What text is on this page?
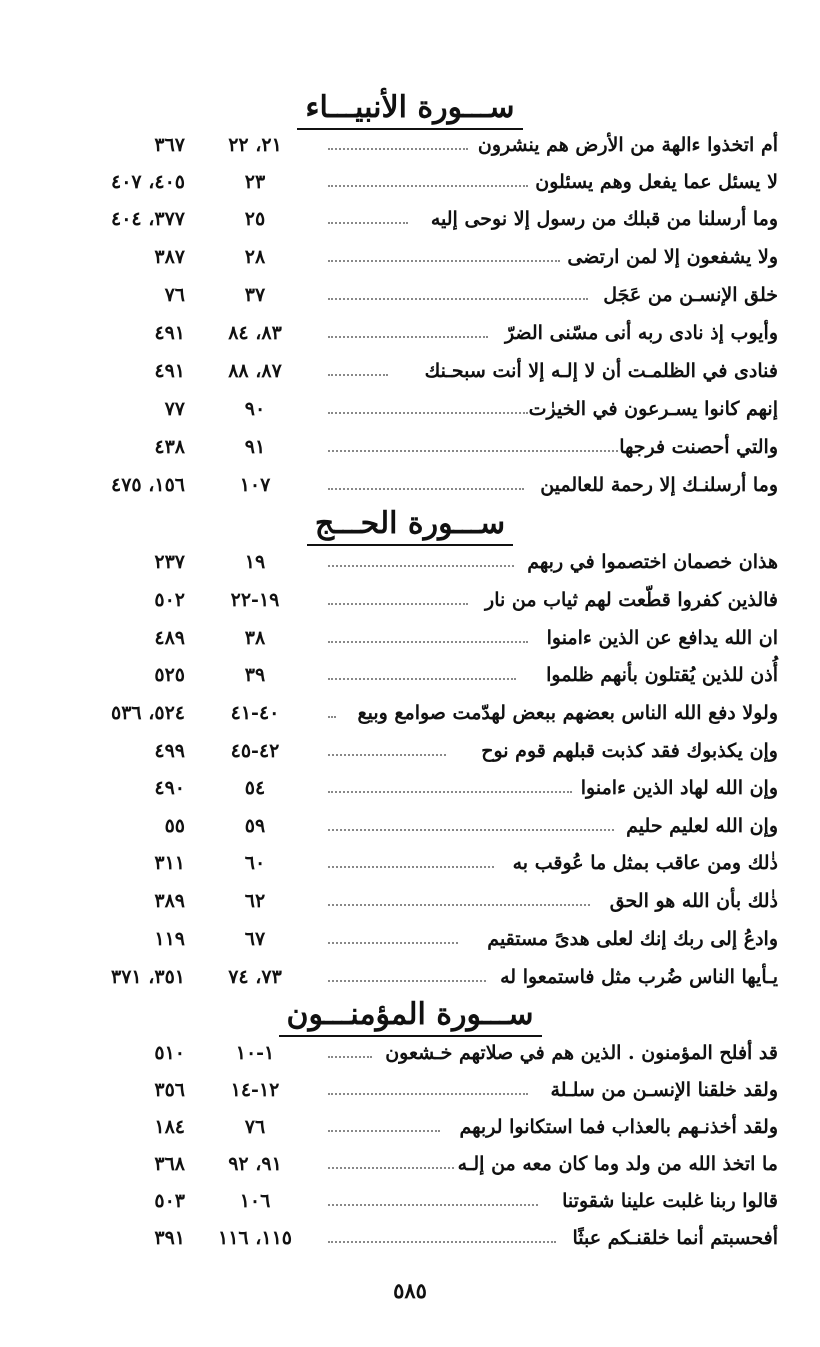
ســـورة الأنبيـــاء
أم اتخذوا ءالهة من الأرض هم ينشرون
٢١، ٢٢
٣٦٧
لا يسئل عما يفعل وهم يسئلون
٢٣
٤٠٥، ٤٠٧
وما أرسلنا من قبلك من رسول إلا نوحى إليه
٢٥
٣٧٧، ٤٠٤
ولا يشفعون إلا لمن ارتضى
٢٨
٣٨٧
خلق الإنسـن من عَجَل
٣٧
٧٦
وأيوب إذ نادى ربه أنى مسّنى الضرّ
٨٣، ٨٤
٤٩١
فنادى في الظلمـت أن لا إلـه إلا أنت سبحـنك
٨٧، ٨٨
٤٩١
إنهم كانوا يسـرعون في الخيرٰت
٩٠
٧٧
والتي أحصنت فرجها
٩١
٤٣٨
وما أرسلنـك إلا رحمة للعالمين
١٠٧
١٥٦، ٤٧٥
ســـورة الحـــج
هذان خصمان اختصموا في ربهم
١٩
٢٣٧
فالذين كفروا قطّعت لهم ثياب من نار
١٩-٢٢
٥٠٢
ان الله يدافع عن الذين ءامنوا
٣٨
٤٨٩
أُذن للذين يُقتلون بأنهم ظلموا
٣٩
٥٢٥
ولولا دفع الله الناس بعضهم ببعض لهدّمت صوامع وبيع
٤٠-٤١
٥٢٤، ٥٣٦
وإن يكذبوك فقد كذبت قبلهم قوم نوح
٤٢-٤٥
٤٩٩
وإن الله لهاد الذين ءامنوا
٥٤
٤٩٠
وإن الله لعليم حليم
٥٩
٥٥
ذٰلك ومن عاقب بمثل ما عُوقب به
٦٠
٣١١
ذٰلك بأن الله هو الحق
٦٢
٣٨٩
وادعُ إلى ربك إنك لعلى هدىً مستقيم
٦٧
١١٩
يـأيها الناس ضُرب مثل فاستمعوا له
٧٣، ٧٤
٣٥١، ٣٧١
ســـورة المؤمنـــون
قد أفلح المؤمنون . الذين هم في صلاتهم خـشعون
١-١٠
٥١٠
ولقد خلقنا الإنسـن من سلـلة
١٢-١٤
٣٥٦
ولقد أخذنـهم بالعذاب فما استكانوا لربهم
٧٦
١٨٤
ما اتخذ الله من ولد وما كان معه من إلـه
٩١، ٩٢
٣٦٨
قالوا ربنا غلبت علينا شقوتنا
١٠٦
٥٠٣
أفحسبتم أنما خلقنـكم عبثًا
١١٥، ١١٦
٣٩١
٥٨٥
